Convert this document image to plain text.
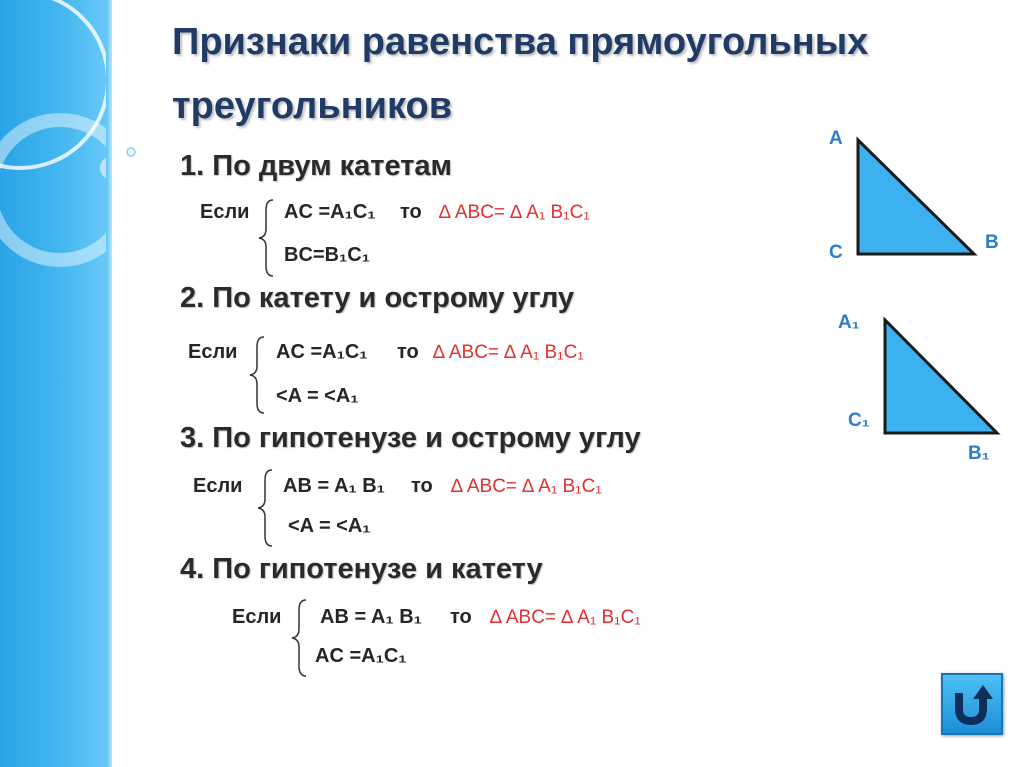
Признаки равенства прямоугольных треугольников
1. По двум катетам
Если AC =A₁C₁ то ∆ ABC= ∆ A₁ B₁C₁
BC=B₁C₁
2. По катету и острому углу
Если AC =A₁C₁ то ∆ ABC= ∆ A₁ B₁C₁
<A = <A₁
3. По гипотенузе и острому углу
Если AB = A₁ B₁ то ∆ ABC= ∆ A₁ B₁C₁
<A = <A₁
4. По гипотенузе и катету
Если AB = A₁ B₁ то ∆ ABC= ∆ A₁ B₁C₁
AC =A₁C₁
A
C	B
A₁
C₁
B₁
